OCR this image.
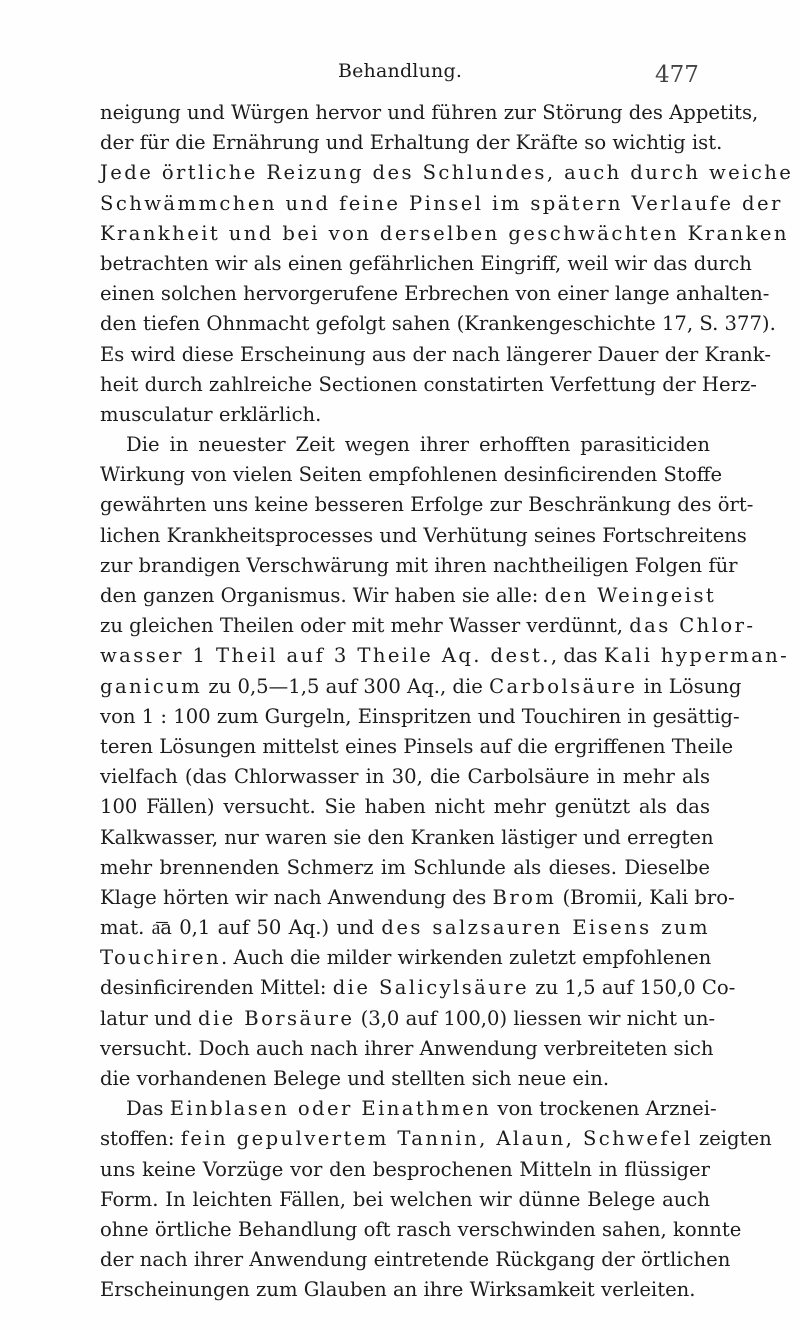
Behandlung.	477
neigung und Würgen hervor und führen zur Störung des Appetits,
der für die Ernährung und Erhaltung der Kräfte so wichtig ist.
Jede örtliche Reizung des Schlundes, auch durch weiche
Schwämmchen und feine Pinsel im spätern Verlaufe der
Krankheit und bei von derselben geschwächten Kranken
betrachten wir als einen gefährlichen Eingriff, weil wir das durch
einen solchen hervorgerufene Erbrechen von einer lange anhalten-
den tiefen Ohnmacht gefolgt sahen (Krankengeschichte 17, S. 377).
Es wird diese Erscheinung aus der nach längerer Dauer der Krank-
heit durch zahlreiche Sectionen constatirten Verfettung der Herz-
musculatur erklärlich.
Die in neuester Zeit wegen ihrer erhofften parasiticiden
Wirkung von vielen Seiten empfohlenen desinficirenden Stoffe
gewährten uns keine besseren Erfolge zur Beschränkung des ört-
lichen Krankheitsprocesses und Verhütung seines Fortschreitens
zur brandigen Verschwärung mit ihren nachtheiligen Folgen für
den ganzen Organismus. Wir haben sie alle: den Weingeist
zu gleichen Theilen oder mit mehr Wasser verdünnt, das Chlor-
wasser 1 Theil auf 3 Theile Aq. dest., das Kali hyperman-
ganicum zu 0,5—1,5 auf 300 Aq., die Carbolsäure in Lösung
von 1 : 100 zum Gurgeln, Einspritzen und Touchiren in gesättig-
teren Lösungen mittelst eines Pinsels auf die ergriffenen Theile
vielfach (das Chlorwasser in 30, die Carbolsäure in mehr als
100 Fällen) versucht. Sie haben nicht mehr genützt als das
Kalkwasser, nur waren sie den Kranken lästiger und erregten
mehr brennenden Schmerz im Schlunde als dieses. Dieselbe
Klage hörten wir nach Anwendung des Brom (Bromii, Kali bro-
mat. a͞a 0,1 auf 50 Aq.) und des salzsauren Eisens zum
Touchiren. Auch die milder wirkenden zuletzt empfohlenen
desinficirenden Mittel: die Salicylsäure zu 1,5 auf 150,0 Co-
latur und die Borsäure (3,0 auf 100,0) liessen wir nicht un-
versucht. Doch auch nach ihrer Anwendung verbreiteten sich
die vorhandenen Belege und stellten sich neue ein.
Das Einblasen oder Einathmen von trockenen Arznei-
stoffen: fein gepulvertem Tannin, Alaun, Schwefel zeigten
uns keine Vorzüge vor den besprochenen Mitteln in flüssiger
Form. In leichten Fällen, bei welchen wir dünne Belege auch
ohne örtliche Behandlung oft rasch verschwinden sahen, konnte
der nach ihrer Anwendung eintretende Rückgang der örtlichen
Erscheinungen zum Glauben an ihre Wirksamkeit verleiten.
